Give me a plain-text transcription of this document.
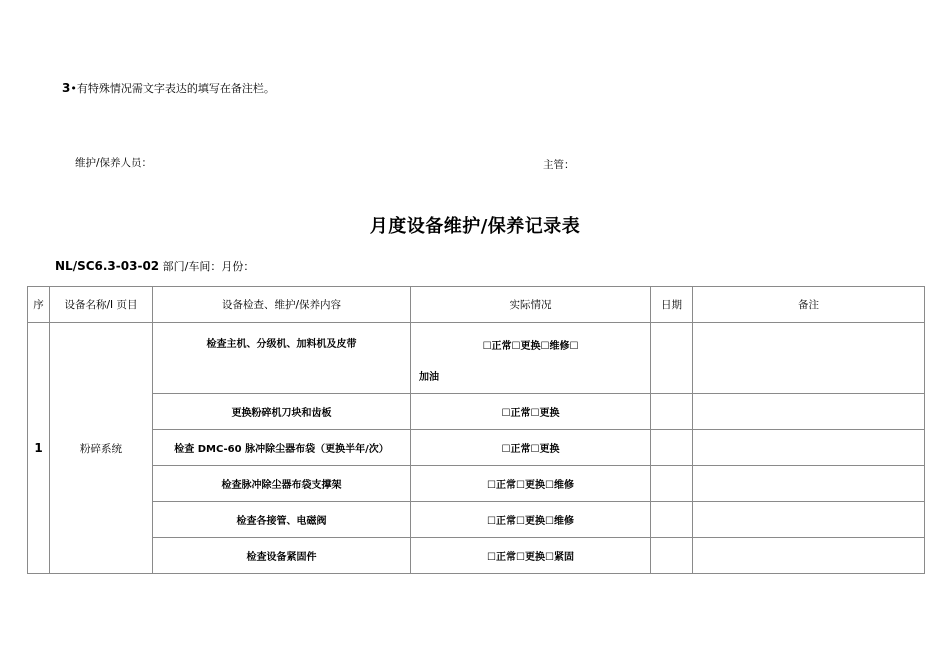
3•有特殊情况需文字表达的填写在备注栏。
维护/保养人员：	主管：
月度设备维护/保养记录表
NL/SC6.3-03-02 部门/车间：月份：
序	设备名称/I 页目	设备检查、维护/保养内容	实际情况	日期	备注
1	粉碎系统	检查主机、分级机、加料机及皮带	☐正常☐更换☐维修☐
加油		

		更换粉碎机刀块和齿板	☐正常☐更换		
		检查 DMC-60 脉冲除尘器布袋（更换半年/次）	☐正常☐更换		
		检查脉冲除尘器布袋支撑架	☐正常☐更换☐维修		
		检查各接管、电磁阀	☐正常☐更换☐维修		
		检查设备紧固件	☐正常☐更换☐紧固		
